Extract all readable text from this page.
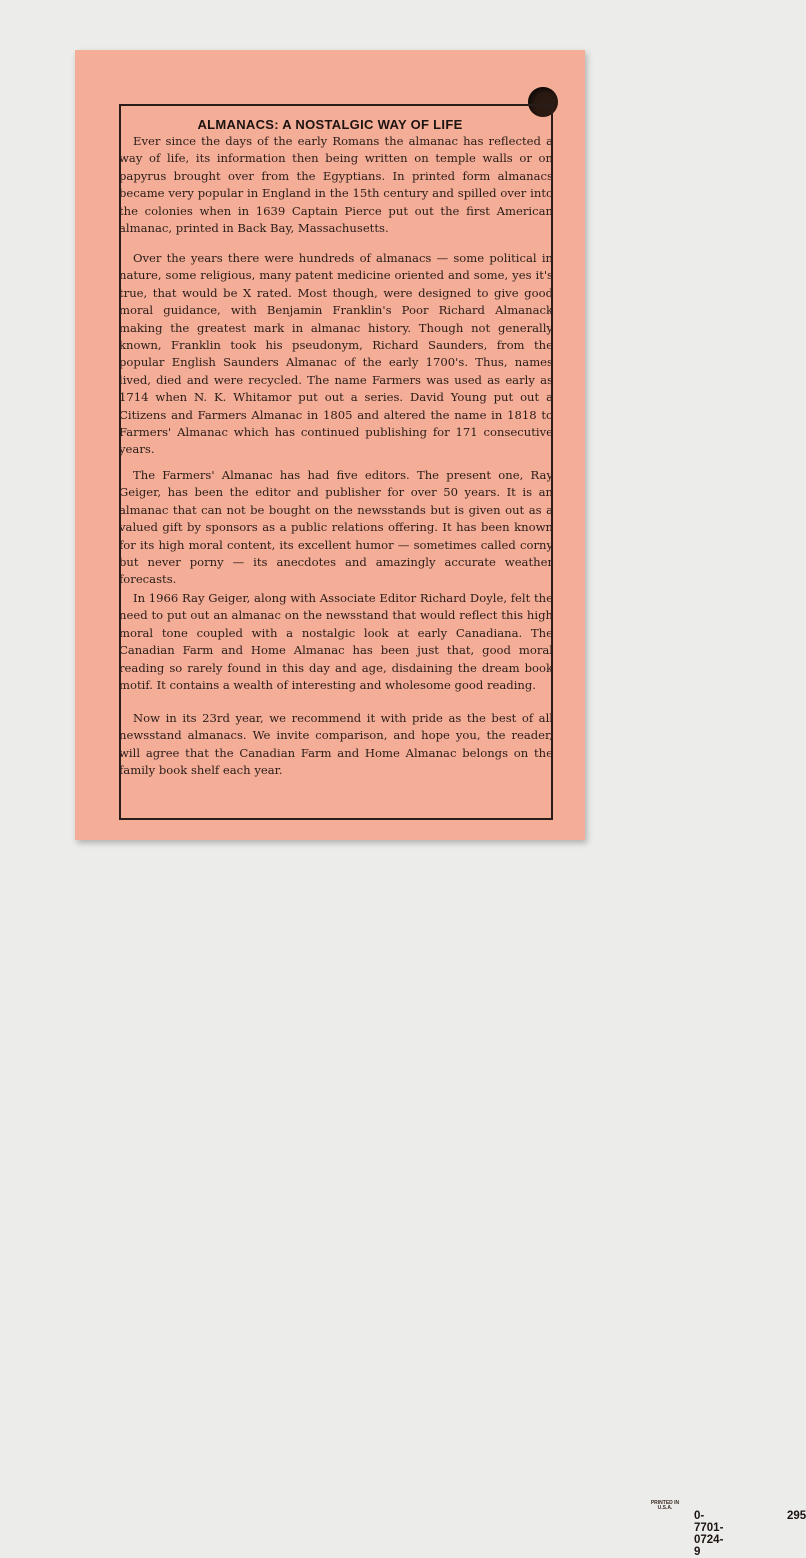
ALMANACS: A NOSTALGIC WAY OF LIFE

Ever since the days of the early Romans the almanac has reflected a way of life, its information then being written on temple walls or on papyrus brought over from the Egyptians. In printed form almanacs became very popular in England in the 15th century and spilled over into the colonies when in 1639 Captain Pierce put out the first American almanac, printed in Back Bay, Massachusetts.

Over the years there were hundreds of almanacs — some political in nature, some religious, many patent medicine oriented and some, yes it's true, that would be X rated. Most though, were designed to give good moral guidance, with Benjamin Franklin's Poor Richard Almanack making the greatest mark in almanac history. Though not generally known, Franklin took his pseudonym, Richard Saunders, from the popular English Saunders Almanac of the early 1700's. Thus, names lived, died and were recycled. The name Farmers was used as early as 1714 when N. K. Whitamor put out a series. David Young put out a Citizens and Farmers Almanac in 1805 and altered the name in 1818 to Farmers' Almanac which has continued publishing for 171 consecutive years.

The Farmers' Almanac has had five editors. The present one, Ray Geiger, has been the editor and publisher for over 50 years. It is an almanac that can not be bought on the newsstands but is given out as a valued gift by sponsors as a public relations offering. It has been known for its high moral content, its excellent humor — sometimes called corny but never porny — its anecdotes and amazingly accurate weather forecasts.

In 1966 Ray Geiger, along with Associate Editor Richard Doyle, felt the need to put out an almanac on the newsstand that would reflect this high moral tone coupled with a nostalgic look at early Canadiana. The Canadian Farm and Home Almanac has been just that, good moral reading so rarely found in this day and age, disdaining the dream book motif. It contains a wealth of interesting and wholesome good reading.

Now in its 23rd year, we recommend it with pride as the best of all newsstand almanacs. We invite comparison, and hope you, the reader, will agree that the Canadian Farm and Home Almanac belongs on the family book shelf each year.

PRINTED IN U.S.A.
0-7701-0724-9
295
